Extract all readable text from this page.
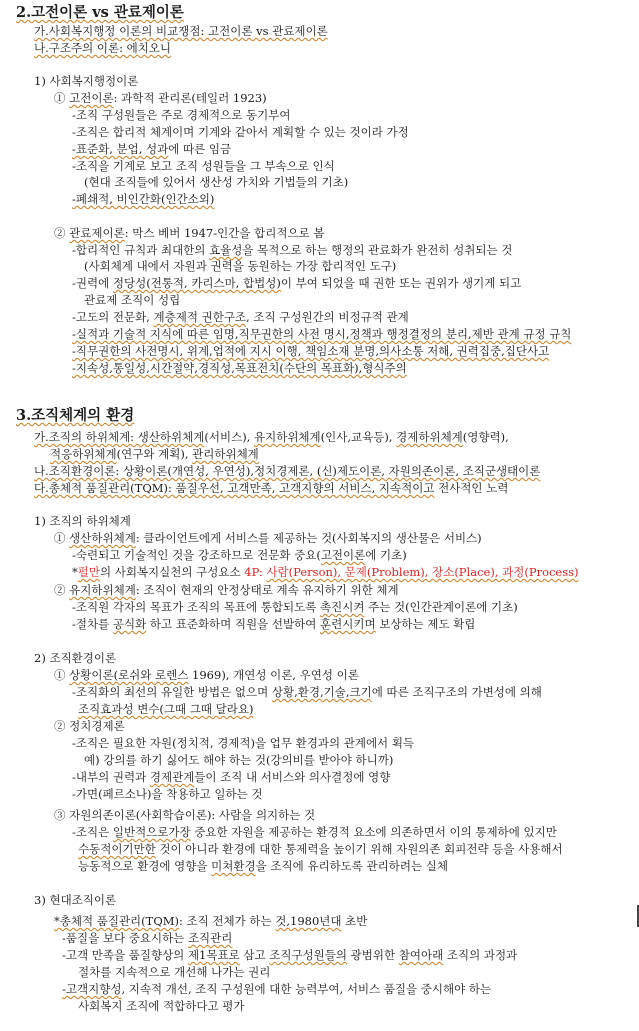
2.고전이론 vs 관료제이론
가.사회복지행정 이론의 비교쟁점: 고전이론 vs 관료제이론
나.구조주의 이론: 에치오니
1) 사회복지행정이론
① 고전이론: 과학적 관리론(테일러 1923)
-조직 구성원들은 주로 경제적으로 동기부여
-조직은 합리적 체계이며 기계와 같아서 계획할 수 있는 것이라 가정
-표준화, 분업, 성과에 따른 임금
-조직을 기계로 보고 조직 성원들을 그 부속으로 인식
(현대 조직들에 있어서 생산성 가치와 기법들의 기초)
-폐쇄적, 비인간화(인간소외)
② 관료제이론: 막스 베버 1947-인간을 합리적으로 봄
-합리적인 규칙과 최대한의 효율성을 목적으로 하는 행정의 관료화가 완전히 성취되는 것
(사회체계 내에서 자원과 권력을 동원하는 가장 합리적인 도구)
-권력에 정당성(전통적, 카리스마, 합법성)이 부여 되었을 때 권한 또는 권위가 생기게 되고
관료제 조직이 성립
-고도의 전문화, 계층제적 권한구조, 조직 구성원간의 비정규적 관계
-실적과 기술적 지식에 따른 임명,직무권한의 사전 명시,정책과 행정결정의 분리,제반 관계 규정 규칙
-직무권한의 사전명시, 위계,업적에 지시 이행, 책임소재 분명,의사소통 저해, 권력집중,집단사고
-지속성,통일성,시간절약,경직성,목표전치(수단의 목표화),형식주의
3.조직체계의 환경
가.조직의 하위체계: 생산하위체계(서비스), 유지하위체계(인사,교육등), 경제하위체계(영향력),
적응하위체계(연구와 계획), 관리하위체계
나.조직환경이론: 상황이론(개연성, 우연성),정치경제론, (신)제도이론, 자원의존이론, 조직군생태이론
다.총체적 품질관리(TQM): 품질우선, 고객만족, 고객지향의 서비스, 지속적이고 전사적인 노력
1) 조직의 하위체계
① 생산하위체계: 클라이언트에게 서비스를 제공하는 것(사회복지의 생산물은 서비스)
-숙련되고 기술적인 것을 강조하므로 전문화 중요(고전이론에 기초)
*펄만의 사회복지실천의 구성요소 4P: 사람(Person), 문제(Problem), 장소(Place), 과정(Process)
② 유지하위체계: 조직이 현재의 안정상태로 계속 유지하기 위한 체계
-조직원 각자의 목표가 조직의 목표에 통합되도록 촉진시켜 주는 것(인간관계이론에 기초)
-절차를 공식화 하고 표준화하며 직원을 선발하여 훈련시키며 보상하는 제도 확립
2) 조직환경이론
① 상황이론(로쉬와 로렌스 1969), 개연성 이론, 우연성 이론
-조직화의 최선의 유일한 방법은 없으며 상황,환경,기술,크기에 따른 조직구조의 가변성에 의해
조직효과성 변수(그때 그때 달라요)
② 정치경제론
-조직은 필요한 자원(정치적, 경제적)을 업무 환경과의 관계에서 획득
예) 강의를 하기 싫어도 해야 하는 것(강의비를 받아야 하니까)
-내부의 권력과 경제관계들이 조직 내 서비스와 의사결정에 영향
-가면(페르소나)을 착용하고 일하는 것
③ 자원의존이론(사회학습이론): 사람을 의지하는 것
-조직은 일반적으로가장 중요한 자원을 제공하는 환경적 요소에 의존하면서 이의 통제하에 있지만
수동적이기만한 것이 아니라 환경에 대한 통제력을 높이기 위해 자원의존 회피전략 등을 사용해서
능동적으로 환경에 영향을 미쳐환경을 조직에 유리하도록 관리하려는 실체
3) 현대조직이론
*총체적 품질관리(TQM): 조직 전체가 하는 것,1980년대 초반
-품질을 보다 중요시하는 조직관리
-고객 만족을 품질향상의 제1목표로 삼고 조직구성원들의 광범위한 참여아래 조직의 과정과
절차를 지속적으로 개선해 나가는 권리
-고객지향성, 지속적 개선, 조직 구성원에 대한 능력부여, 서비스 품질을 중시해야 하는
사회복지 조직에 적합하다고 평가
